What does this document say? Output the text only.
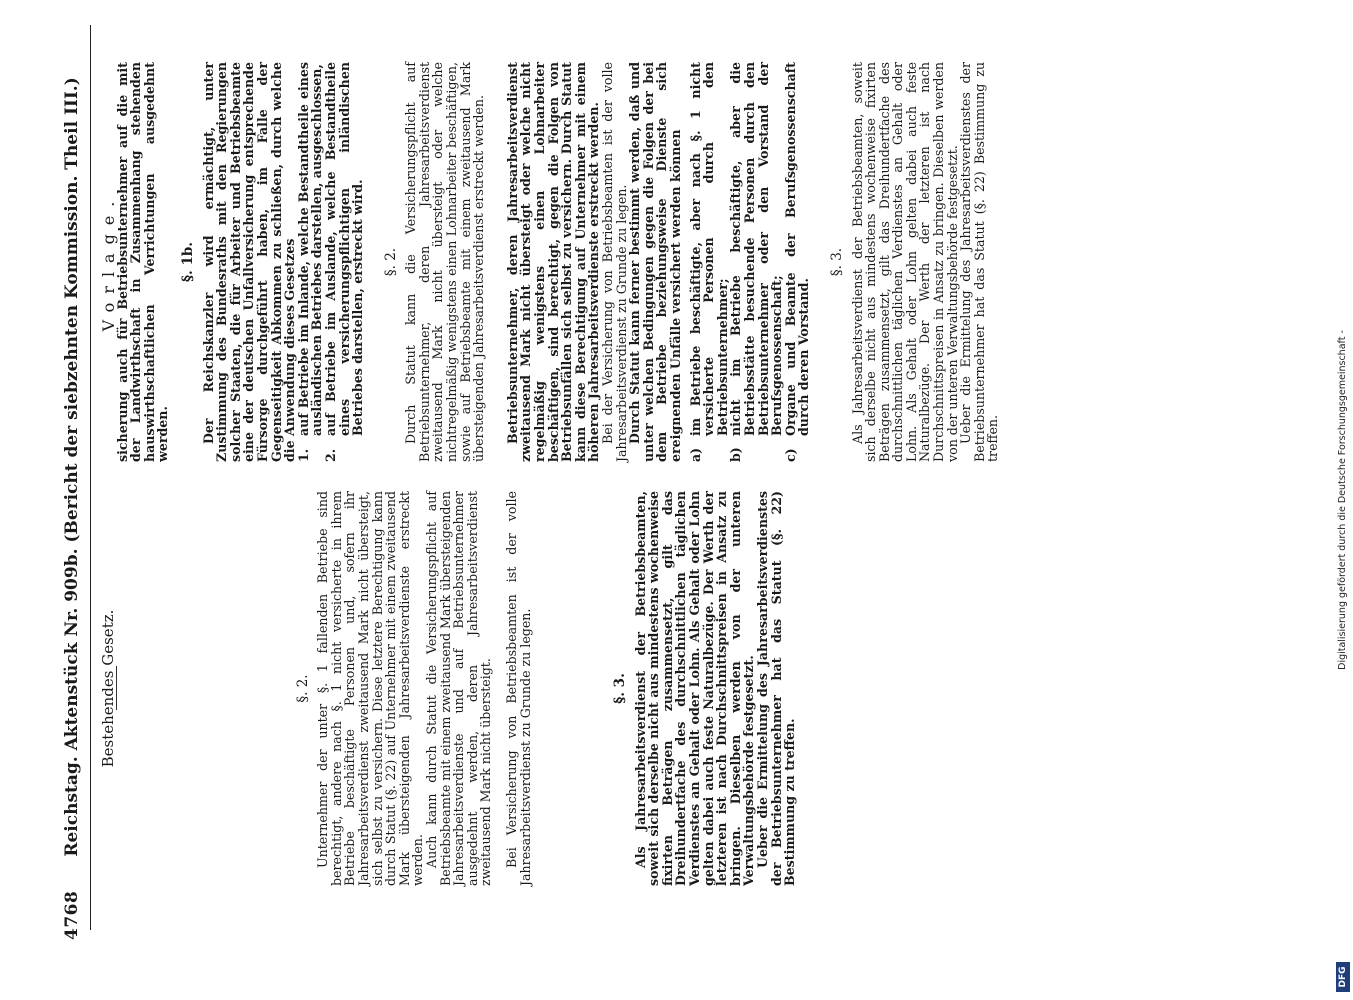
4768
Reichstag. Aktenstück Nr. 909b. (Bericht der siebzehnten Kommission. Theil III.) Bestehendes Gesetz.	§. 2. Unternehmer der unter §. 1 fallenden Betriebe sind berechtigt, andere nach §. 1 nicht versicherte in ihrem Betriebe beschäftigte Personen und, sofern ihr Jahresarbeitsverdienst zweitausend Mark nicht übersteigt, sich selbst zu versichern. Diese letztere Berechtigung kann durch Statut (§. 22) auf Unternehmer mit einem zweitausend Mark übersteigenden Jahresarbeitsverdienste erstreckt werden.

Auch kann durch Statut die Versicherungspflicht auf Betriebsbeamte mit einem zweitausend Mark übersteigenden Jahresarbeitsverdienste und auf Betriebsunternehmer ausgedehnt werden, deren Jahresarbeitsverdienst zweitausend Mark nicht übersteigt. Bei Versicherung von Betriebsbeamten ist der volle Jahresarbeitsverdienst zu Grunde zu legen.	§. 3. Als Jahresarbeitsverdienst der Betriebsbeamten, soweit sich derselbe nicht aus mindestens wochenweise fixirten Beträgen zusammensetzt, gilt das Dreihundertfache des durchschnittlichen täglichen Verdienstes an Gehalt oder Lohn. Als Gehalt oder Lohn gelten dabei auch feste Naturalbezüge. Der Werth der letzteren ist nach Durchschnittspreisen in Ansatz zu bringen. Dieselben werden von der unteren Verwaltungsbehörde festgesetzt.

Ueber die Ermittelung des Jahresarbeitsverdienstes der Betriebsunternehmer hat das Statut (§. 22) Bestimmung zu treffen.

Vorlage.

sicherung auch für Betriebsunternehmer auf die mit der Landwirthschaft in Zusammenhang stehenden hauswirthschaftlichen Verrichtungen ausgedehnt werden.

§. 1b. Der Reichskanzler wird ermächtigt, unter Zustimmung des Bundesraths mit den Regierungen solcher Staaten, die für Arbeiter und Betriebsbeamte eine der deutschen Unfallversicherung entsprechende Fürsorge durchgeführt haben, im Falle der Gegenseitigkeit Abkommen zu schließen, durch welche die Anwendung dieses Gesetzes

1.
auf Betriebe im Inlande, welche Bestandtheile eines ausländischen Betriebes darstellen, ausgeschlossen,
2.
auf Betriebe im Auslande, welche Bestandtheile eines versicherungspflichtigen inländischen Betriebes darstellen, erstreckt wird. §. 2. Durch Statut kann die Versicherungspflicht auf Betriebsunternehmer, deren Jahresarbeitsverdienst zweitausend Mark nicht übersteigt oder welche nichtregelmäßig wenigstens einen Lohnarbeiter beschäftigen, sowie auf Betriebsbeamte mit einem zweitausend Mark übersteigenden Jahresarbeitsverdienst erstreckt werden. Betriebsunternehmer, deren Jahresarbeitsverdienst zweitausend Mark nicht übersteigt oder welche nicht regelmäßig wenigstens einen Lohnarbeiter beschäftigen, sind berechtigt, gegen die Folgen von Betriebsunfällen sich selbst zu versichern. Durch Statut kann diese Berechtigung auf Unternehmer mit einem höheren Jahresarbeitsverdienste erstreckt werden.

Bei der Versicherung von Betriebsbeamten ist der volle Jahresarbeitsverdienst zu Grunde zu legen.

Durch Statut kann ferner bestimmt werden, daß und unter welchen Bedingungen gegen die Folgen der bei dem Betriebe beziehungsweise Dienste sich ereignenden Unfälle versichert werden können a)
im Betriebe beschäftigte, aber nach §. 1 nicht versicherte Personen durch den Betriebsunternehmer;
b)
nicht im Betriebe beschäftigte, aber die Betriebsstätte besuchende Personen durch den Betriebsunternehmer oder den Vorstand der Berufsgenossenschaft;
c)
Organe und Beamte der Berufsgenossenschaft durch deren Vorstand.

§. 3. Als Jahresarbeitsverdienst der Betriebsbeamten, soweit sich derselbe nicht aus mindestens wochenweise fixirten Beträgen zusammensetzt, gilt das Dreihundertfache des durchschnittlichen täglichen Verdienstes an Gehalt oder Lohn. Als Gehalt oder Lohn gelten dabei auch feste Naturalbezüge. Der Werth der letzteren ist nach Durchschnittspreisen in Ansatz zu bringen. Dieselben werden von der unteren Verwaltungsbehörde festgesetzt.

Ueber die Ermittelung des Jahresarbeitsverdienstes der Betriebsunternehmer hat das Statut (§. 22) Bestimmung zu treffen.

DFG
Digitalisierung gefördert durch die Deutsche Forschungsgemeinschaft -
